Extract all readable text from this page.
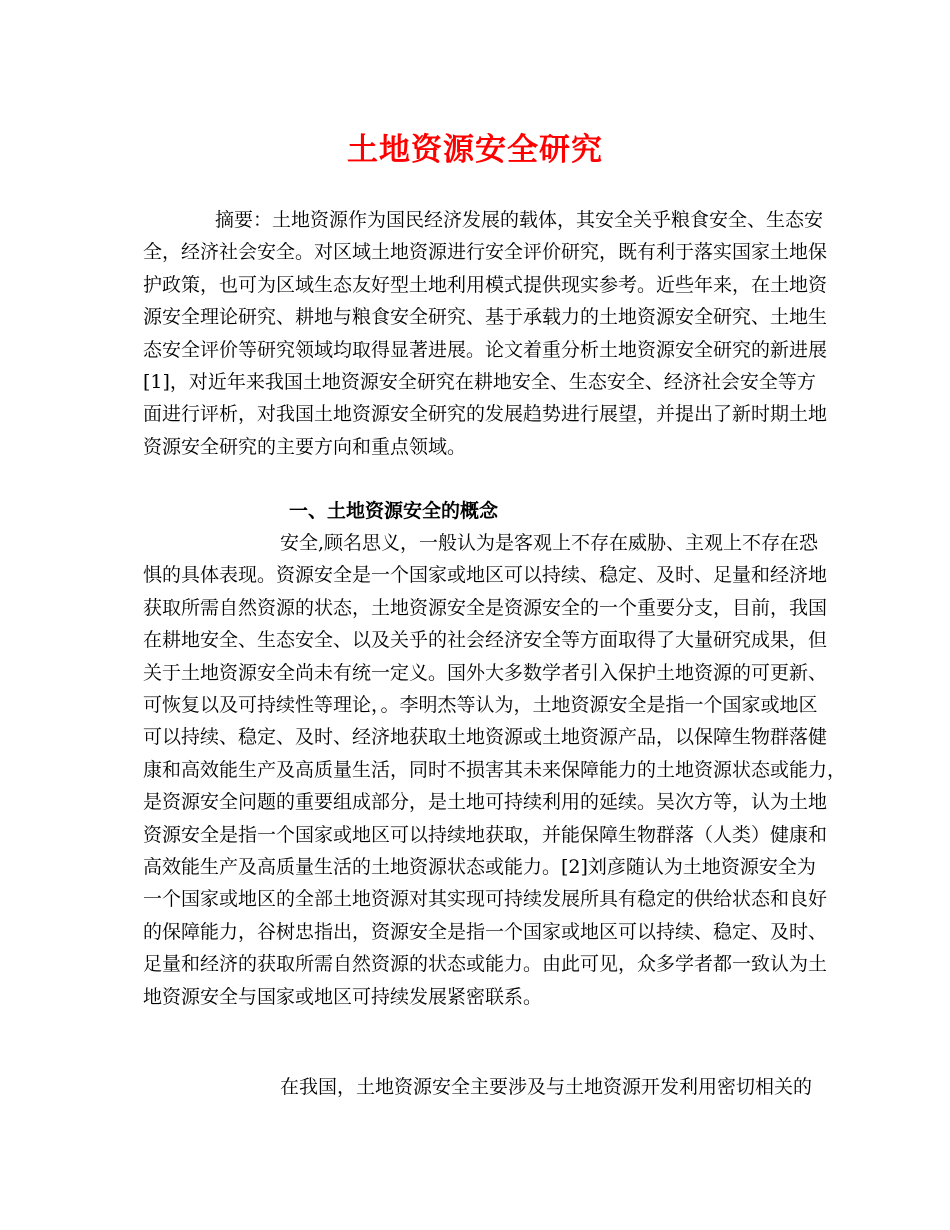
土地资源安全研究
摘要：土地资源作为国民经济发展的载体，其安全关乎粮食安全、生态安
全，经济社会安全。对区域土地资源进行安全评价研究，既有利于落实国家土地保
护政策，也可为区域生态友好型土地利用模式提供现实参考。近些年来，在土地资
源安全理论研究、耕地与粮食安全研究、基于承载力的土地资源安全研究、土地生
态安全评价等研究领域均取得显著进展。论文着重分析土地资源安全研究的新进展
[1]，对近年来我国土地资源安全研究在耕地安全、生态安全、经济社会安全等方
面进行评析，对我国土地资源安全研究的发展趋势进行展望，并提出了新时期土地
资源安全研究的主要方向和重点领域。
一、土地资源安全的概念
安全,顾名思义，一般认为是客观上不存在威胁、主观上不存在恐
惧的具体表现。资源安全是一个国家或地区可以持续、稳定、及时、足量和经济地
获取所需自然资源的状态，土地资源安全是资源安全的一个重要分支，目前，我国
在耕地安全、生态安全、以及关乎的社会经济安全等方面取得了大量研究成果，但
关于土地资源安全尚未有统一定义。国外大多数学者引入保护土地资源的可更新、
可恢复以及可持续性等理论，。李明杰等认为，土地资源安全是指一个国家或地区
可以持续、稳定、及时、经济地获取土地资源或土地资源产品，以保障生物群落健
康和高效能生产及高质量生活，同时不损害其未来保障能力的土地资源状态或能力，
是资源安全问题的重要组成部分，是土地可持续利用的延续。吴次方等，认为土地
资源安全是指一个国家或地区可以持续地获取，并能保障生物群落（人类）健康和
高效能生产及高质量生活的土地资源状态或能力。[2]刘彦随认为土地资源安全为
一个国家或地区的全部土地资源对其实现可持续发展所具有稳定的供给状态和良好
的保障能力，谷树忠指出，资源安全是指一个国家或地区可以持续、稳定、及时、
足量和经济的获取所需自然资源的状态或能力。由此可见，众多学者都一致认为土
地资源安全与国家或地区可持续发展紧密联系。
在我国，土地资源安全主要涉及与土地资源开发利用密切相关的
